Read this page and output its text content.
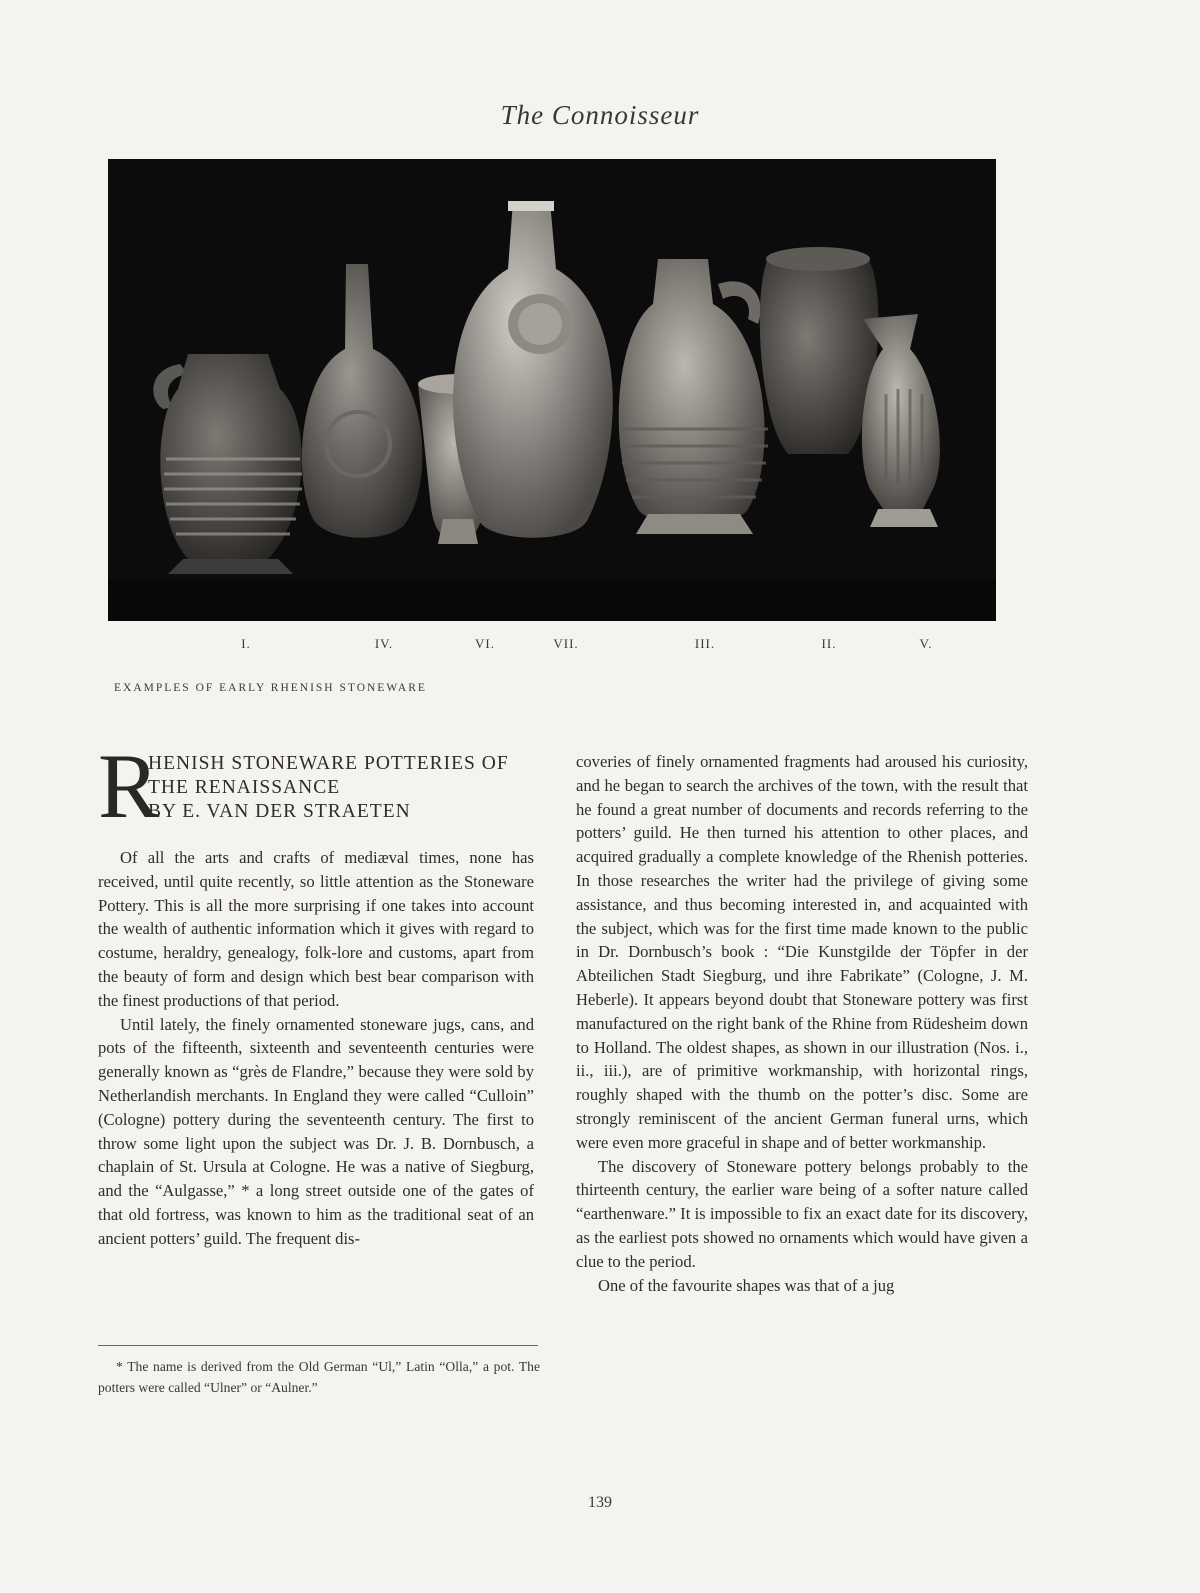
The Connoisseur
I.	IV.	VI.	VII.	III.	II.	V.
EXAMPLES OF EARLY RHENISH STONEWARE
R
HENISH STONEWARE POTTERIES OF
THE RENAISSANCE
BY E. VAN DER STRAETEN

Of all the arts and crafts of mediæval times, none has received, until quite recently, so little attention as the Stoneware Pottery. This is all the more surprising if one takes into account the wealth of authentic information which it gives with regard to costume, heraldry, genealogy, folk-lore and customs, apart from the beauty of form and design which best bear comparison with the finest productions of that period.

Until lately, the finely ornamented stoneware jugs, cans, and pots of the fifteenth, sixteenth and seventeenth centuries were generally known as “grès de Flandre,” because they were sold by Netherlandish merchants. In England they were called “Culloin” (Cologne) pottery during the seventeenth century. The first to throw some light upon the subject was Dr. J. B. Dornbusch, a chaplain of St. Ursula at Cologne. He was a native of Siegburg, and the “Aulgasse,” * a long street outside one of the gates of that old fortress, was known to him as the traditional seat of an ancient potters’ guild. The frequent dis-

coveries of finely ornamented fragments had aroused his curiosity, and he began to search the archives of the town, with the result that he found a great number of documents and records referring to the potters’ guild. He then turned his attention to other places, and acquired gradually a complete knowledge of the Rhenish potteries. In those researches the writer had the privilege of giving some assistance, and thus becoming interested in, and acquainted with the subject, which was for the first time made known to the public in Dr. Dornbusch’s book : “Die Kunstgilde der Töpfer in der Abteilichen Stadt Siegburg, und ihre Fabrikate” (Cologne, J. M. Heberle). It appears beyond doubt that Stoneware pottery was first manufactured on the right bank of the Rhine from Rüdesheim down to Holland. The oldest shapes, as shown in our illustration (Nos. i., ii., iii.), are of primitive workmanship, with horizontal rings, roughly shaped with the thumb on the potter’s disc. Some are strongly reminiscent of the ancient German funeral urns, which were even more graceful in shape and of better workmanship.

The discovery of Stoneware pottery belongs probably to the thirteenth century, the earlier ware being of a softer nature called “earthenware.” It is impossible to fix an exact date for its discovery, as the earliest pots showed no ornaments which would have given a clue to the period.

One of the favourite shapes was that of a jug

* The name is derived from the Old German “Ul,” Latin “Olla,” a pot. The potters were called “Ulner” or “Aulner.”

139
